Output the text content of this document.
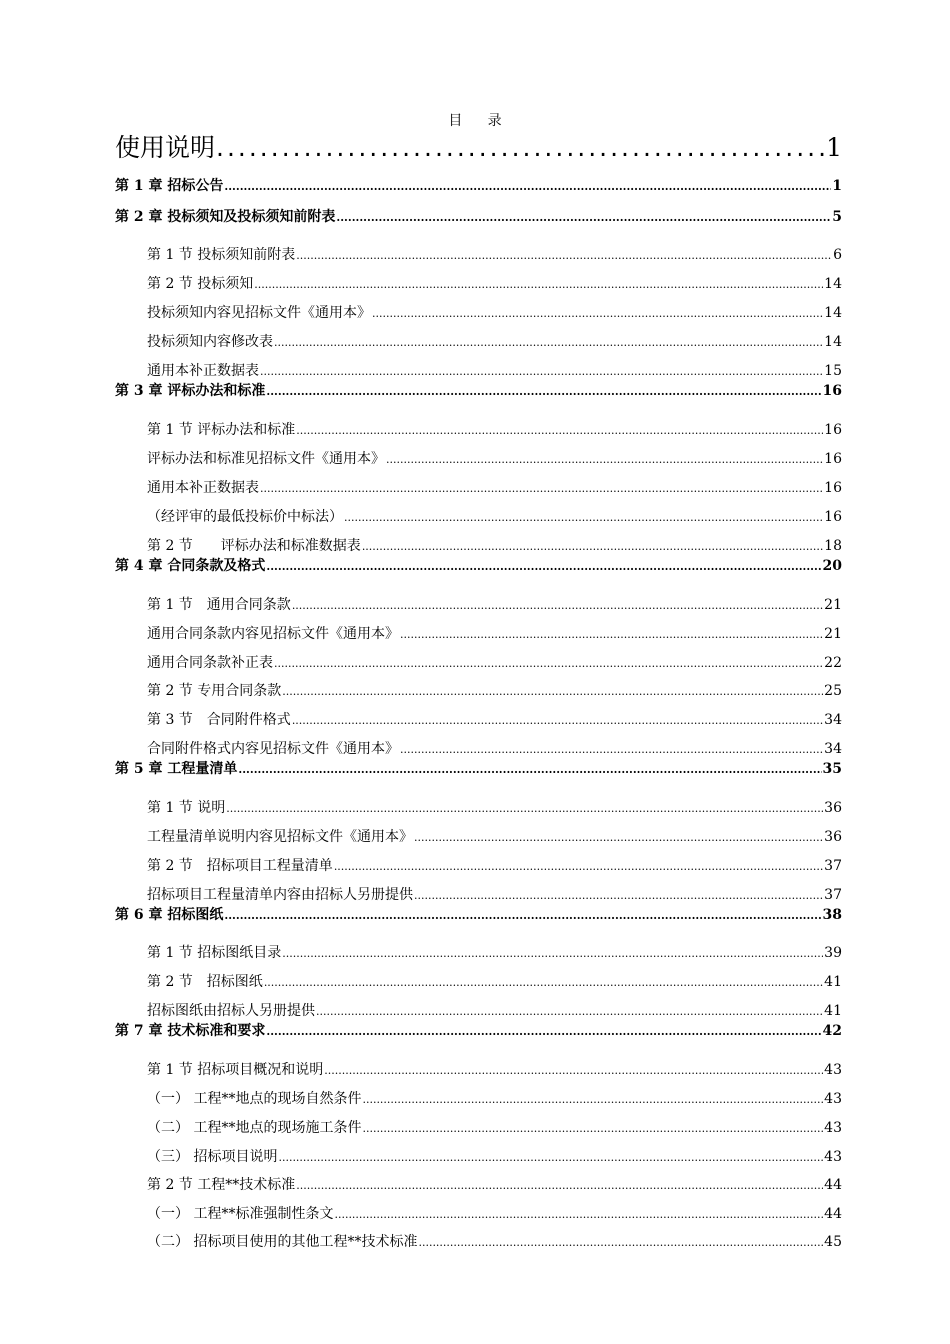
目录
使用说明 .....	1
第 1 章 招标公告 .....	1
第 2 章 投标须知及投标须知前附表 .....	5
第 1 节 投标须知前附表 .....	6
第 2 节 投标须知 .....	14
投标须知内容见招标文件《通用本》 .....	14
投标须知内容修改表 .....	14
通用本补正数据表 .....	15
第 3 章 评标办法和标准 .....	16
第 1 节 评标办法和标准 .....	16
评标办法和标准见招标文件《通用本》 .....	16
通用本补正数据表 .....	16
（经评审的最低投标价中标法） .....	16
第 2 节　　评标办法和标准数据表 .....	18
第 4 章 合同条款及格式 .....	20
第 1 节　通用合同条款 .....	21
通用合同条款内容见招标文件《通用本》 .....	21
通用合同条款补正表 .....	22
第 2 节 专用合同条款 .....	25
第 3 节　合同附件格式 .....	34
合同附件格式内容见招标文件《通用本》 .....	34
第 5 章 工程量清单 .....	35
第 1 节 说明 .....	36
工程量清单说明内容见招标文件《通用本》 .....	36
第 2 节　招标项目工程量清单 .....	37
招标项目工程量清单内容由招标人另册提供 .....	37
第 6 章 招标图纸 .....	38
第 1 节 招标图纸目录 .....	39
第 2 节　招标图纸 .....	41
招标图纸由招标人另册提供 .....	41
第 7 章 技术标准和要求 .....	42
第 1 节 招标项目概况和说明 .....	43
（一） 工程**地点的现场自然条件 .....	43
（二） 工程**地点的现场施工条件 .....	43
（三） 招标项目说明 .....	43
第 2 节 工程**技术标准 .....	44
（一） 工程**标准强制性条文 .....	44
（二） 招标项目使用的其他工程**技术标准 .....	45
